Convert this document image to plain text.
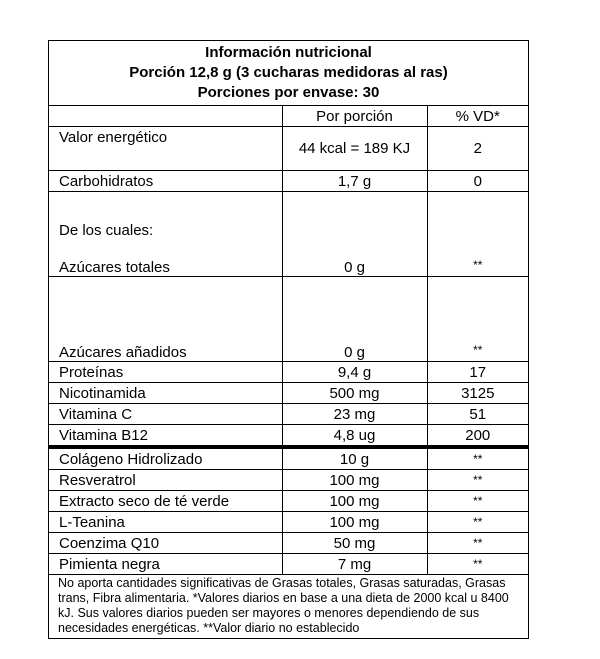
Información nutricional
Porción 12,8 g (3 cucharas medidoras al ras)
Porciones por envase: 30
	Por porción	% VD*
Valor energético	44 kcal = 189 KJ	2
Carbohidratos	1,7 g	0

De los cuales:
Azúcares totales	0 g	**
Azúcares añadidos	0 g	**
Proteínas	9,4 g	17
Nicotinamida	500 mg	3125
Vitamina C	23 mg	51
Vitamina B12	4,8 ug	200
Colágeno Hidrolizado	10 g	**
Resveratrol	100 mg	**
Extracto seco de té verde	100 mg	**
L-Teanina	100 mg	**
Coenzima Q10	50 mg	**
Pimienta negra	7 mg	**
No aporta cantidades significativas de Grasas totales, Grasas saturadas, Grasas trans, Fibra alimentaria. *Valores diarios en base a una dieta de 2000 kcal u 8400 kJ. Sus valores diarios pueden ser mayores o menores dependiendo de sus necesidades energéticas. **Valor diario no establecido
